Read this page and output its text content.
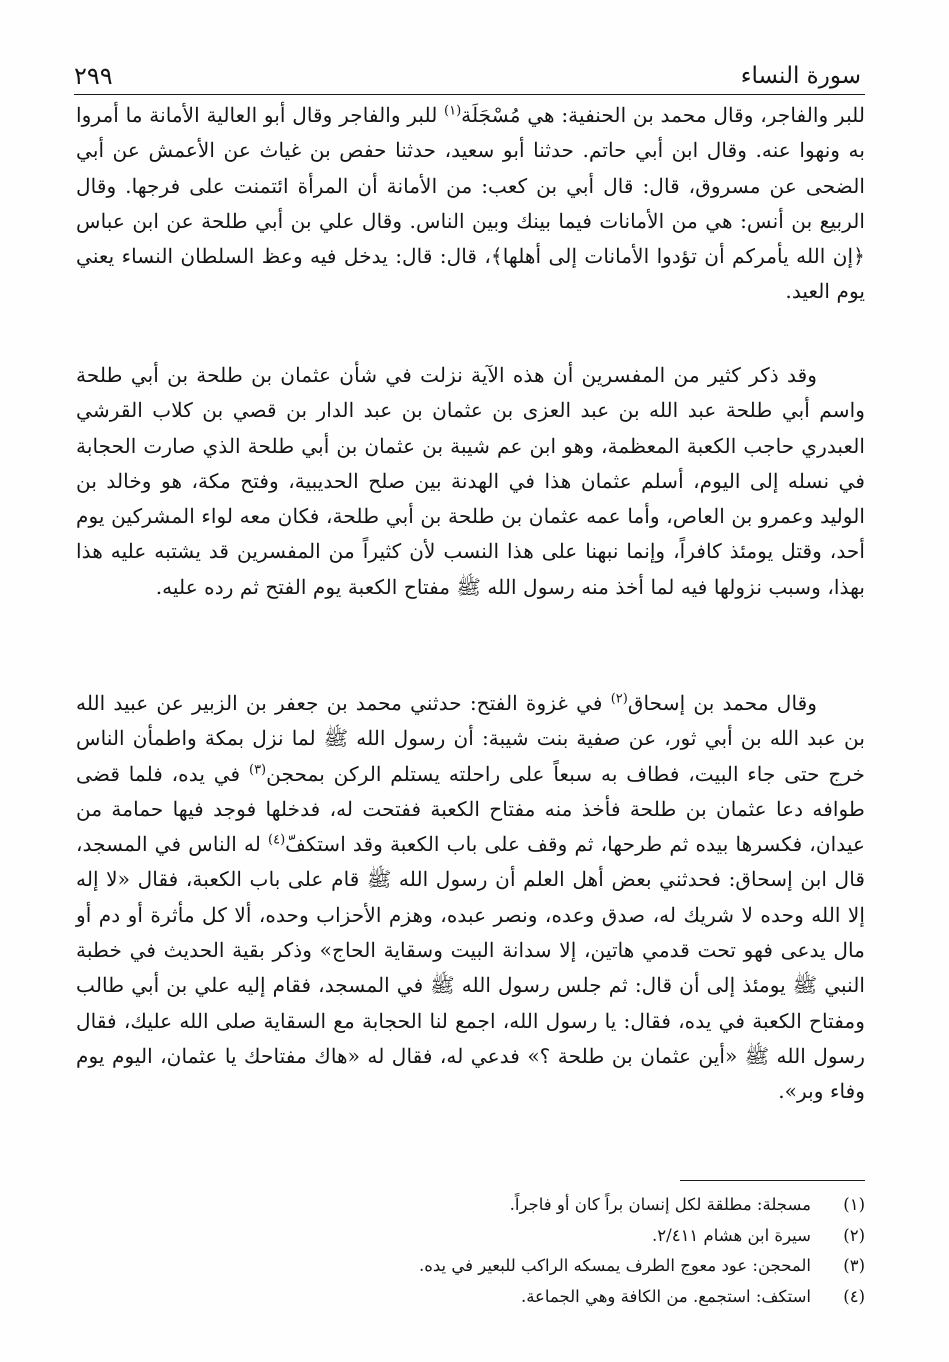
سورة النساء
٢٩٩
للبر والفاجر، وقال محمد بن الحنفية: هي مُسْجَلَة$^{(١)}$ للبر والفاجر وقال أبو العالية الأمانة ما أمروا به ونهوا عنه. وقال ابن أبي حاتم. حدثنا أبو سعيد، حدثنا حفص بن غياث عن الأعمش عن أبي الضحى عن مسروق، قال: قال أبي بن كعب: من الأمانة أن المرأة ائتمنت على فرجها. وقال الربيع بن أنس: هي من الأمانات فيما بينك وبين الناس. وقال علي بن أبي طلحة عن ابن عباس ﴿إن الله يأمركم أن تؤدوا الأمانات إلى أهلها﴾، قال: قال: يدخل فيه وعظ السلطان النساء يعني يوم العيد.
وقد ذكر كثير من المفسرين أن هذه الآية نزلت في شأن عثمان بن طلحة بن أبي طلحة واسم أبي طلحة عبد الله بن عبد العزى بن عثمان بن عبد الدار بن قصي بن كلاب القرشي العبدري حاجب الكعبة المعظمة، وهو ابن عم شيبة بن عثمان بن أبي طلحة الذي صارت الحجابة في نسله إلى اليوم، أسلم عثمان هذا في الهدنة بين صلح الحديبية، وفتح مكة، هو وخالد بن الوليد وعمرو بن العاص، وأما عمه عثمان بن طلحة بن أبي طلحة، فكان معه لواء المشركين يوم أحد، وقتل يومئذ كافراً، وإنما نبهنا على هذا النسب لأن كثيراً من المفسرين قد يشتبه عليه هذا بهذا، وسبب نزولها فيه لما أخذ منه رسول الله ﷺ مفتاح الكعبة يوم الفتح ثم رده عليه.
وقال محمد بن إسحاق$^{(٢)}$ في غزوة الفتح: حدثني محمد بن جعفر بن الزبير عن عبيد الله بن عبد الله بن أبي ثور، عن صفية بنت شيبة: أن رسول الله ﷺ لما نزل بمكة واطمأن الناس خرج حتى جاء البيت، فطاف به سبعاً على راحلته يستلم الركن بمحجن$^{(٣)}$ في يده، فلما قضى طوافه دعا عثمان بن طلحة فأخذ منه مفتاح الكعبة ففتحت له، فدخلها فوجد فيها حمامة من عيدان، فكسرها بيده ثم طرحها، ثم وقف على باب الكعبة وقد استكفّ$^{(٤)}$ له الناس في المسجد، قال ابن إسحاق: فحدثني بعض أهل العلم أن رسول الله ﷺ قام على باب الكعبة، فقال «لا إله إلا الله وحده لا شريك له، صدق وعده، ونصر عبده، وهزم الأحزاب وحده، ألا كل مأثرة أو دم أو مال يدعى فهو تحت قدمي هاتين، إلا سدانة البيت وسقاية الحاج» وذكر بقية الحديث في خطبة النبي ﷺ يومئذ إلى أن قال: ثم جلس رسول الله ﷺ في المسجد، فقام إليه علي بن أبي طالب ومفتاح الكعبة في يده، فقال: يا رسول الله، اجمع لنا الحجابة مع السقاية صلى الله عليك، فقال رسول الله ﷺ «أين عثمان بن طلحة ؟» فدعي له، فقال له «هاك مفتاحك يا عثمان، اليوم يوم وفاء وبر».
(١)
مسجلة: مطلقة لكل إنسان براً كان أو فاجراً.
(٢)
سيرة ابن هشام ٢/٤١١.
(٣)
المحجن: عود معوج الطرف يمسكه الراكب للبعير في يده.
(٤)
استكف: استجمع. من الكافة وهي الجماعة.
